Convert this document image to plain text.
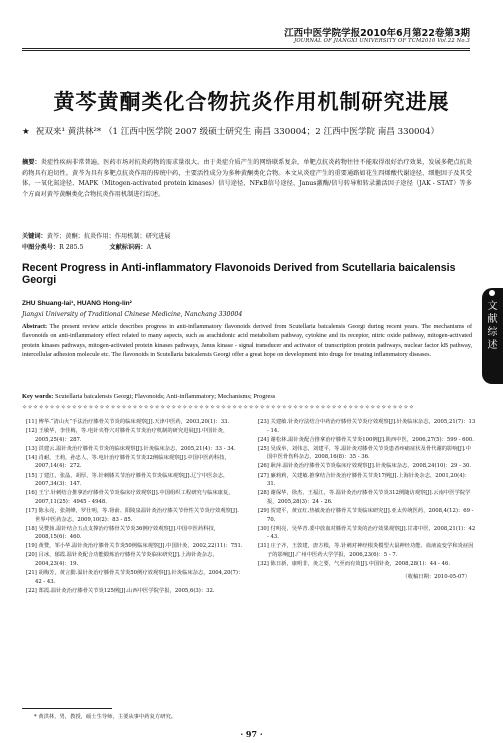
江西中医学院学报2010年6月第22卷第3期
JOURNAL OF JIANGXI UNIVERSITY OF TCM2010 Vol.22 No.3
黄芩黄酮类化合物抗炎作用机制研究进展
★ 祝双来¹ 黄洪林²* （1 江西中医学院 2007 级硕士研究生 南昌 330004；2 江西中医学院 南昌 330004）
摘要：炎症性疾病非常普遍，医药市场对抗炎药物的需求量很大。由于炎症介质产生的网络联系复杂，单靶点抗炎药物往往不能取得很好治疗效果，发展多靶点抗炎药物具有迫切性。黄芩为具有多靶点抗炎作用的传统中药，主要活性成分为多种黄酮类化合物。本文从炎症产生的重要通路如花生四烯酸代谢途径、细胞因子及其受体、一氧化氮途径、MAPK（Mitogen-activated protein kinases）信号途径、NFκB信号途径、Janus激酶/信号转导和转录激活因子途径（JAK - STAT）等多个方面对黄芩黄酮类化合物抗炎作用机制进行综述。
关键词：黄芩；黄酮；抗炎作用；作用机制；研究进展
中图分类号：R 285.5	文献标识码：A
Recent Progress in Anti-inflammatory Flavonoids Derived from Scutellaria baicalensis Georgi
ZHU Shuang-lai¹, HUANG Hong-lin²
Jiangxi University of Traditional Chinese Medicine, Nanchang 330004
Abstract: The present review article describes progress in anti-inflammatory flavonoids derived from Scutellaria baicalensis Georgi during recent years. The mechanisms of flavonoids on anti-inflammatory effect related to many aspects, such as arachidonic acid metabolism pathway, cytokine and its receptor, nitric oxide pathway, mitogen-activated protein kinases pathways, mitogen-activated protein kinases pathways, Janus kinase - signal transducer and activator of transcription protein pathways, nuclear factor kB pathway, intercellular adhesion molecule etc. The flavonoids in Scutellaria baicalensis Georgi offer a great hope on development into drugs for treating inflammatory diseases.
Key words: Scutellaria baicalensis Georgi; Flavonoids; Anti-inflammatory; Mechanisms; Progress
✧✧✧✧✧✧✧✧✧✧✧✧✧✧✧✧✧✧✧✧✧✧✧✧✧✧✧✧✧✧✧✧✧✧✧✧✧✧✧✧✧✧✧✧✧✧✧✧✧✧✧✧✧✧✧✧✧✧✧✧✧✧✧✧✧✧✧✧✧✧✧
[11] 傅华.“清山火”手法治疗膝骨关节炎的临床观察[J].天津中医药，2003,20(1)：33.
[12] 王敏华，李佳梅，等.电针夹脊穴对膝骨关节炎治疗机制的研究进展[J].中国针灸，2005,25(4)：287.
[13] 洪建云.温针灸治疗膝骨关节炎的临床观察[J].针灸临床杂志，2005,21(4)：33 - 34.
[14] 肖耐，王莉，孙忠人，等.电针治疗膝骨关节炎32例临床观察[J].中国中医药科技，2007,14(4)：272.
[15] 丁建江，张晶，胡厚，等.针刺膝关节治疗膝骨关节炎临床观察[J].辽宁中医杂志，2007,34(3)：147.
[16] 王宁.针刺结合推拿治疗膝骨关节炎临床疗效观察[J].中国组织工程研究与临床康复，2007,11(25)：4945 - 4948.
[17] 陈永亮，张剑峰，罗仕明，等.肾俞、阳陵泉温针灸治疗膝关节骨性关节炎疗效观察[J].世界中医药杂志，2009,10(2)：83 - 85.
[18] 吴赞扬.温针结合五点支撑治疗膝骨关节炎36例疗效观察[J].中国中医药科技，2008,15(6)：460.
[19] 黄赞，邹小华.温针灸治疗膝骨关节炎50例临床观察[J].中国针灸，2002,22(11)：751.
[20] 吕冰，郁霞.温针灸配合功能锻炼治疗膝骨关节炎临床研究[J].上海针灸杂志，2004,23(4)：19.
[21] 胡梅芳，黄言勤.温针灸治疗膝骨关节炎50例疗效观察[J].针灸临床杂志，2004,20(7)：42 - 43.
[22] 郑霞.温针灸治疗膝骨关节炎125例[J].山西中医学院学报，2005,6(3)：32.
[23] 关建敏.针灸疗法结合中药治疗膝骨关节炎疗效观察[J].针灸临床杂志，2005,21(7)：13 - 14.
[24] 谢松林.温针灸配合推拿治疗膝骨关节炎100例[J].陕西中医，2006,27(5)：599 - 600.
[25] 吴成举，刘伟志，刘建平，等.温针灸对膝骨关节炎患者疼痛症状及骨代谢的影响[J].中国中医骨伤科杂志，2008,16(8)：35 - 36.
[26] 耿萍.温针灸治疗膝骨关节炎临床疗效观察[J].针灸临床杂志，2008,24(10)：29 - 30.
[27] 廉莉莉，关建敏.推拿结合针灸治疗膝骨关节炎17例[J].上海针灸杂志，2001,20(4)：31.
[28] 谢保华，徐杰，王福江，等.温针灸治疗膝骨关节炎312例随访观察[J].云南中医学院学报，2005,28(3)：24 - 26.
[29] 贺建平，黄宜红.热敏灸治疗膝骨关节炎临床研究[J].亚太传统医药，2008,4(12)：69 - 70.
[30] 付明亮，吴华青.委中放血对膝骨关节炎的治疗效果观察[J].甘肃中医，2008,21(1)：42 - 43.
[31] 庄子齐，王敦建，唐方根，等.针刺对神经根炎模型大鼠神经功能、血液流变学和炎症因子的影响[J].广州中医药大学学报，2006,23(6)：5 - 7.
[32] 陈日新，康明非，灸之要，气至而有效[J].中国针灸，2008,28(1)：44 - 46.
（收稿日期：2010-05-07）
* 黄洪林，男，教授，硕士生导师，主要从事中药复方研究。
· 97 ·
文
献
综
述
